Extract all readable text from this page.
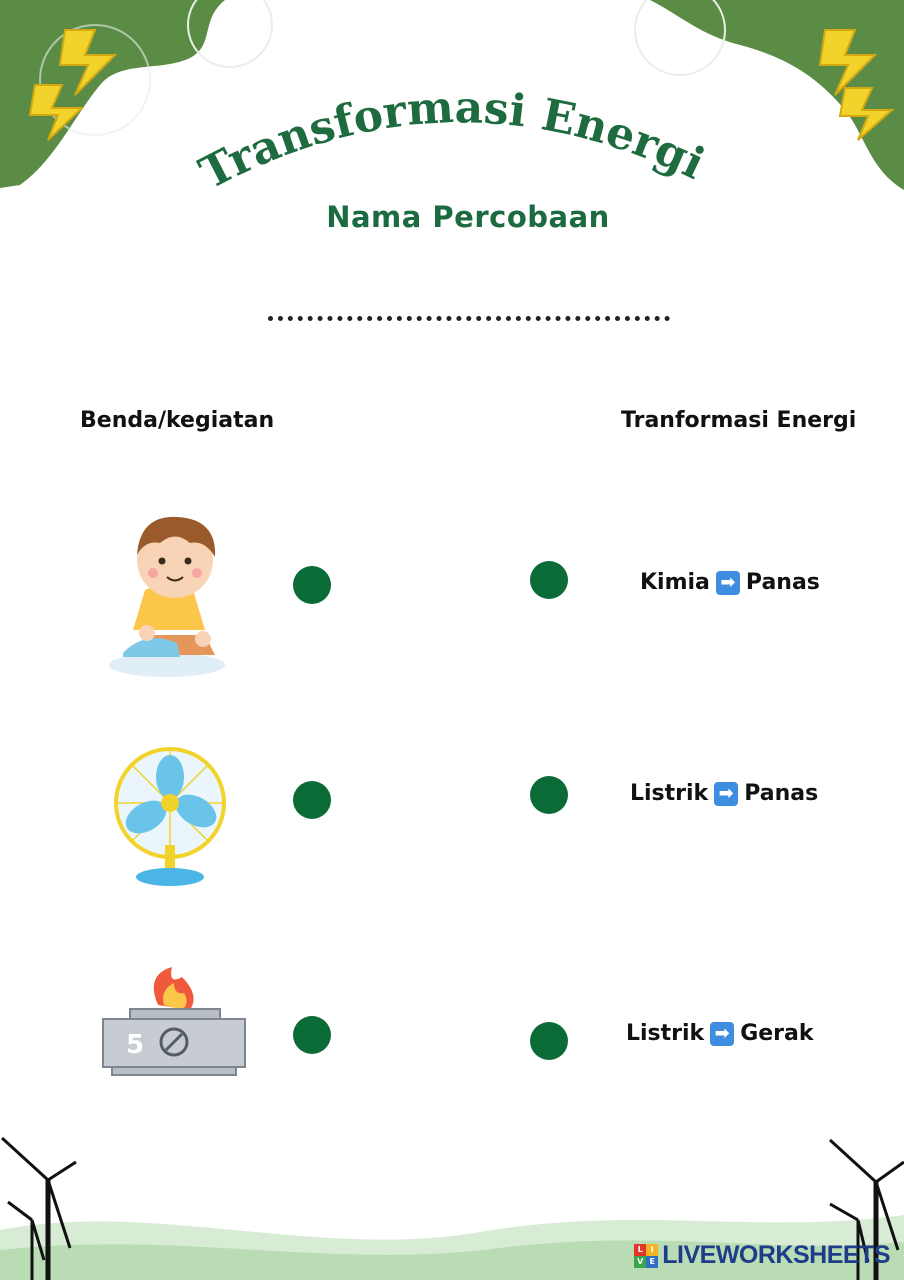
Transformasi Energi
Nama Percobaan
Benda/kegiatan	Tranformasi Energi
5
Kimia ➡ Panas
Listrik ➡ Panas
Listrik ➡ Gerak
L I
V E LIVEWORKSHEETS
